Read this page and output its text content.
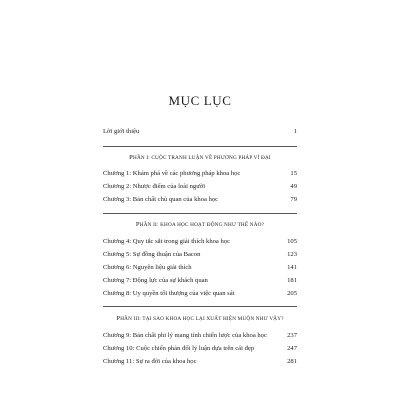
MỤC LỤC
Lời giới thiệu	1
PHẦN I: CUỘC TRANH LUẬN VỀ PHƯƠNG PHÁP VĨ ĐẠI
Chương 1: Khám phá về các phương pháp khoa học	15
Chương 2: Nhược điểm của loài người	49
Chương 3: Bản chất chủ quan của khoa học	79
PHẦN II: KHOA HỌC HOẠT ĐỘNG NHƯ THẾ NÀO?
Chương 4: Quy tắc sắt trong giải thích khoa học	105
Chương 5: Sự đồng thuận của Bacon	123
Chương 6: Nguyên liệu giải thích	141
Chương 7: Động lực của sự khách quan	181
Chương 8: Uy quyền tối thượng của việc quan sát	205
PHẦN III: TẠI SAO KHOA HỌC LẠI XUẤT HIỆN MUỘN NHƯ VẬY?
Chương 9: Bản chất phi lý mang tính chiến lược của khoa học	237
Chương 10: Cuộc chiến phản đối lý luận dựa trên cái đẹp	247
Chương 11: Sự ra đời của khoa học	281
